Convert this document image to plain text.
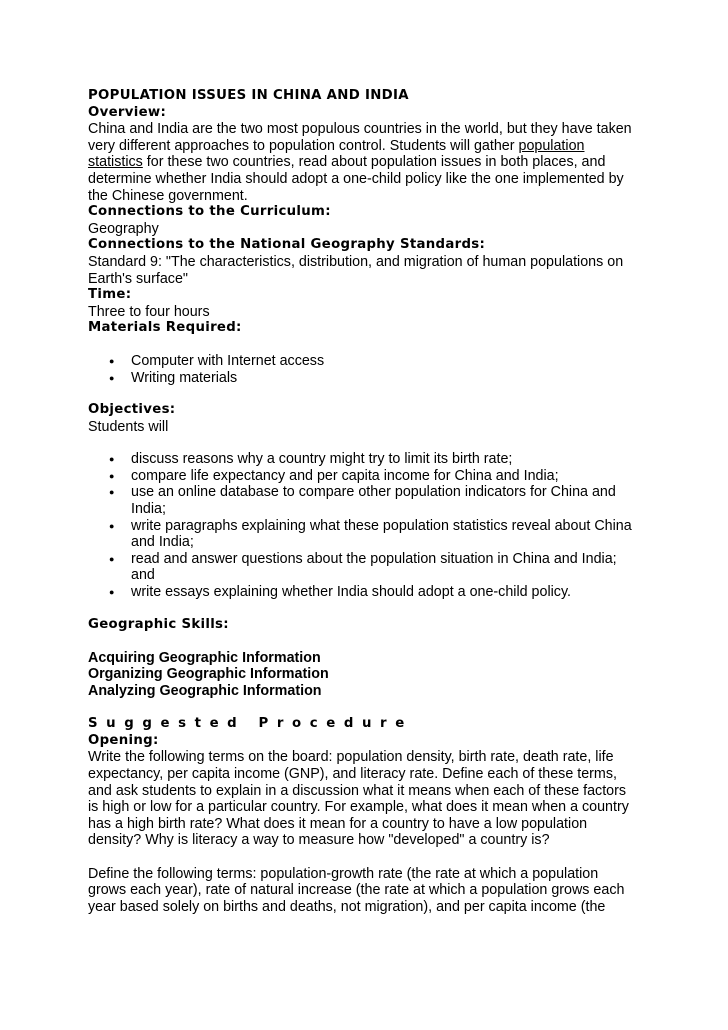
POPULATION ISSUES IN CHINA AND INDIA
Overview:
China and India are the two most populous countries in the world, but they have taken very different approaches to population control. Students will gather population statistics for these two countries, read about population issues in both places, and determine whether India should adopt a one-child policy like the one implemented by the Chinese government.
Connections to the Curriculum:
Geography
Connections to the National Geography Standards:
Standard 9: "The characteristics, distribution, and migration of human populations on Earth's surface"
Time:
Three to four hours
Materials Required:
● Computer with Internet access
● Writing materials
Objectives:
Students will
● discuss reasons why a country might try to limit its birth rate;
● compare life expectancy and per capita income for China and India;
● use an online database to compare other population indicators for China and India;
● write paragraphs explaining what these population statistics reveal about China and India;
● read and answer questions about the population situation in China and India; and
● write essays explaining whether India should adopt a one-child policy.
Geographic Skills:
Acquiring Geographic Information
Organizing Geographic Information
Analyzing Geographic Information
Suggested Procedure
Opening:
Write the following terms on the board: population density, birth rate, death rate, life expectancy, per capita income (GNP), and literacy rate. Define each of these terms, and ask students to explain in a discussion what it means when each of these factors is high or low for a particular country. For example, what does it mean when a country has a high birth rate? What does it mean for a country to have a low population density? Why is literacy a way to measure how "developed" a country is?
Define the following terms: population-growth rate (the rate at which a population grows each year), rate of natural increase (the rate at which a population grows each year based solely on births and deaths, not migration), and per capita income (the
